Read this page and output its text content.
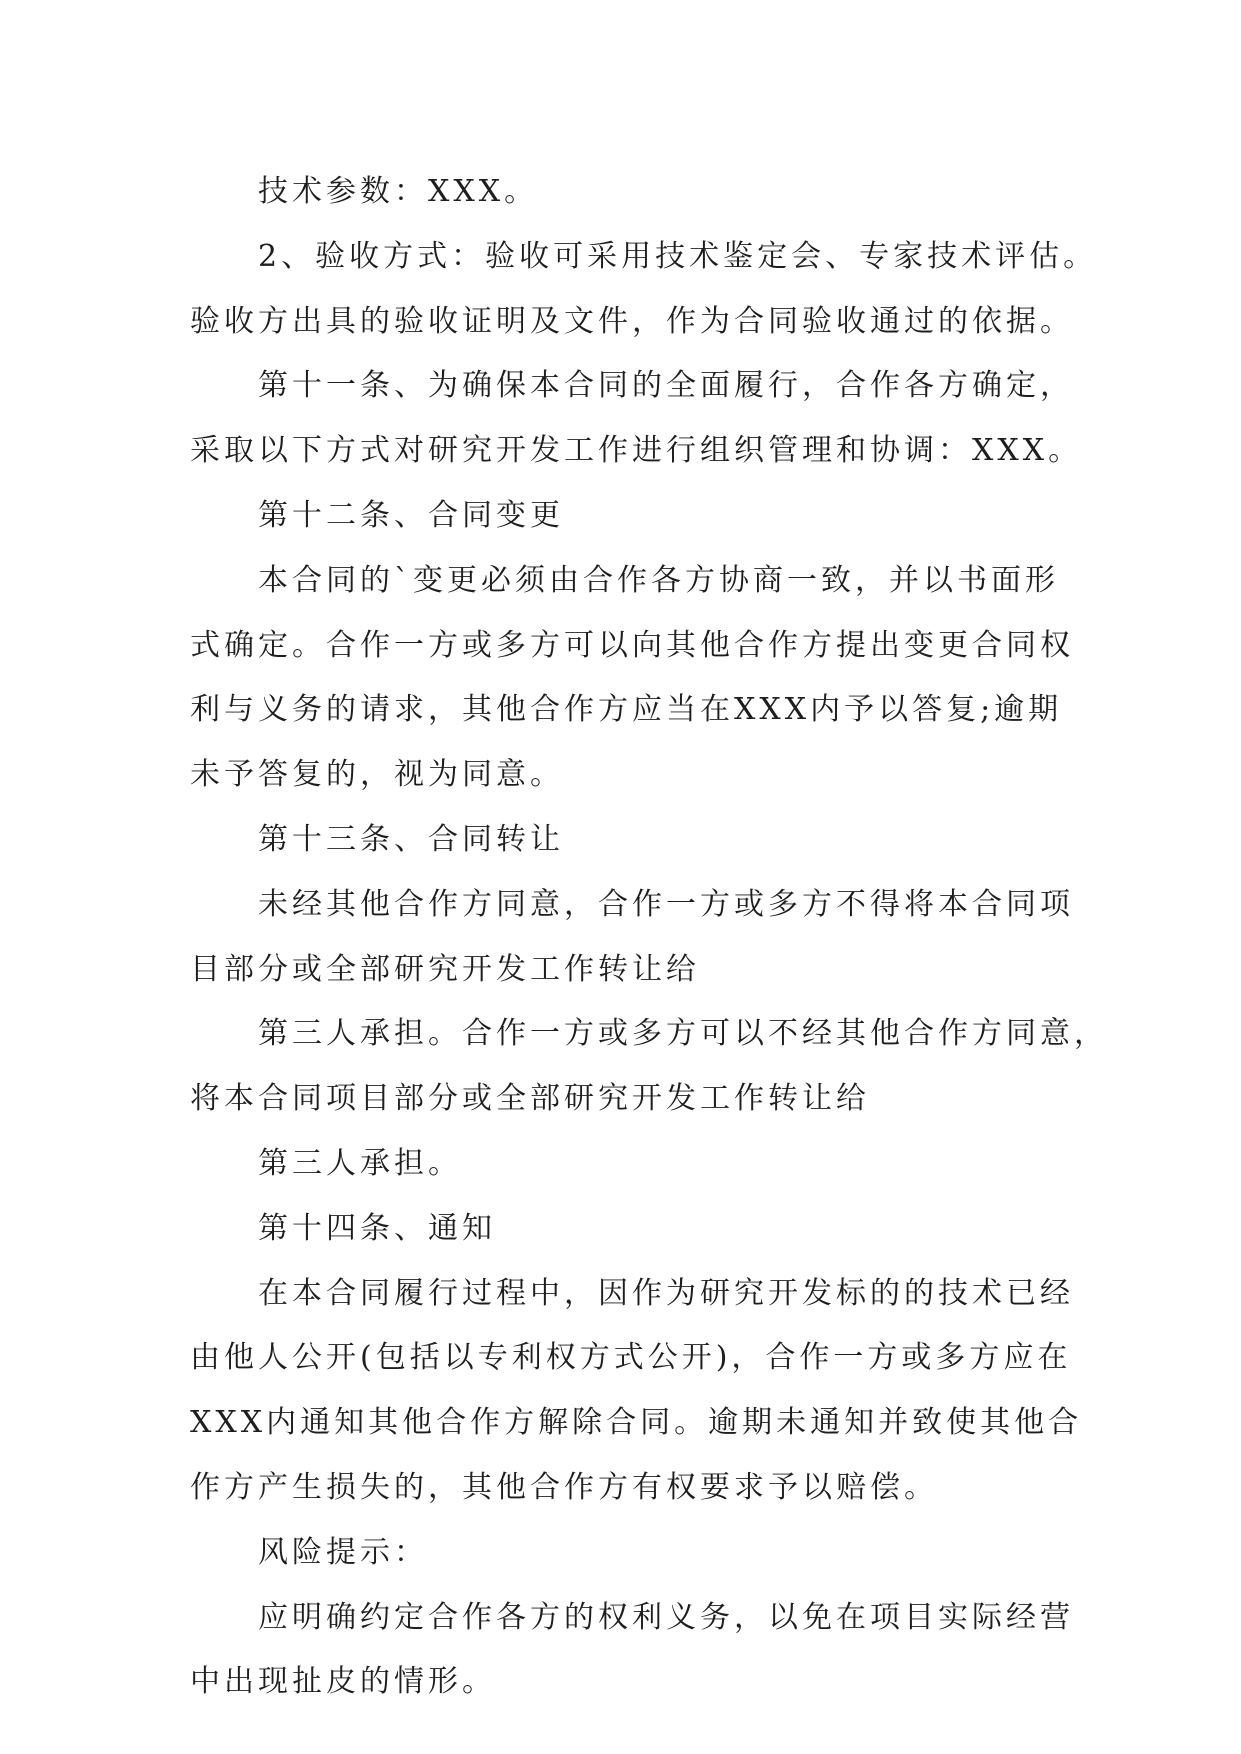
技术参数：XXX。
2、验收方式：验收可采用技术鉴定会、专家技术评估。
验收方出具的验收证明及文件，作为合同验收通过的依据。
第十一条、为确保本合同的全面履行，合作各方确定，
采取以下方式对研究开发工作进行组织管理和协调：XXX。
第十二条、合同变更
本合同的`变更必须由合作各方协商一致，并以书面形
式确定。合作一方或多方可以向其他合作方提出变更合同权
利与义务的请求，其他合作方应当在XXX内予以答复;逾期
未予答复的，视为同意。
第十三条、合同转让
未经其他合作方同意，合作一方或多方不得将本合同项
目部分或全部研究开发工作转让给
第三人承担。合作一方或多方可以不经其他合作方同意，
将本合同项目部分或全部研究开发工作转让给
第三人承担。
第十四条、通知
在本合同履行过程中，因作为研究开发标的的技术已经
由他人公开(包括以专利权方式公开)，合作一方或多方应在
XXX内通知其他合作方解除合同。逾期未通知并致使其他合
作方产生损失的，其他合作方有权要求予以赔偿。
风险提示：
应明确约定合作各方的权利义务，以免在项目实际经营
中出现扯皮的情形。
